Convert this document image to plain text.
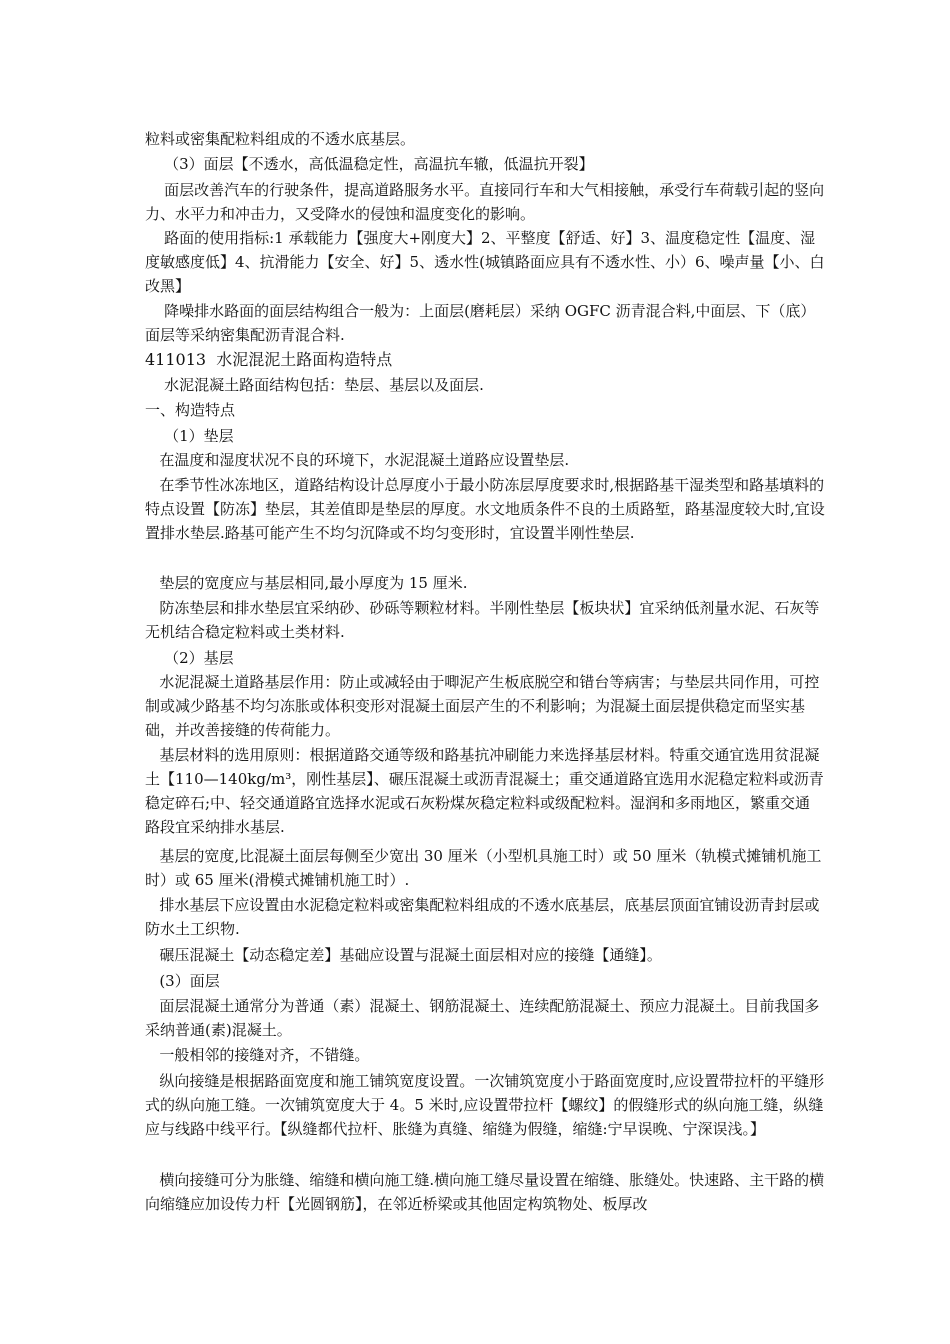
粒料或密集配粒料组成的不透水底基层。

（3）面层【不透水，高低温稳定性，高温抗车辙，低温抗开裂】

面层改善汽车的行驶条件，提高道路服务水平。直接同行车和大气相接触，承受行车荷载引起的竖向力、水平力和冲击力，又受降水的侵蚀和温度变化的影响。

路面的使用指标:1 承载能力【强度大+刚度大】2、平整度【舒适、好】3、温度稳定性【温度、湿度敏感度低】4、抗滑能力【安全、好】5、透水性(城镇路面应具有不透水性、小）6、噪声量【小、白改黑】

降噪排水路面的面层结构组合一般为：上面层(磨耗层）采纳 OGFC 沥青混合料,中面层、下（底）面层等采纳密集配沥青混合料.

411013  水泥混泥土路面构造特点

水泥混凝土路面结构包括：垫层、基层以及面层.

一、构造特点

（1）垫层

在温度和湿度状况不良的环境下，水泥混凝土道路应设置垫层.

在季节性冰冻地区，道路结构设计总厚度小于最小防冻层厚度要求时,根据路基干湿类型和路基填料的特点设置【防冻】垫层，其差值即是垫层的厚度。水文地质条件不良的土质路堑，路基湿度较大时,宜设置排水垫层.路基可能产生不均匀沉降或不均匀变形时，宜设置半刚性垫层.

垫层的宽度应与基层相同,最小厚度为 15 厘米.

防冻垫层和排水垫层宜采纳砂、砂砾等颗粒材料。半刚性垫层【板块状】宜采纳低剂量水泥、石灰等无机结合稳定粒料或土类材料.

（2）基层

水泥混凝土道路基层作用：防止或减轻由于唧泥产生板底脱空和错台等病害；与垫层共同作用，可控制或减少路基不均匀冻胀或体积变形对混凝土面层产生的不利影响；为混凝土面层提供稳定而坚实基础，并改善接缝的传荷能力。

基层材料的选用原则：根据道路交通等级和路基抗冲刷能力来选择基层材料。特重交通宜选用贫混凝土【110—140kg/m³，刚性基层】、碾压混凝土或沥青混凝土；重交通道路宜选用水泥稳定粒料或沥青稳定碎石;中、轻交通道路宜选择水泥或石灰粉煤灰稳定粒料或级配粒料。湿润和多雨地区，繁重交通路段宜采纳排水基层.

基层的宽度,比混凝土面层每侧至少宽出 30 厘米（小型机具施工时）或 50 厘米（轨模式摊铺机施工时）或 65 厘米(滑模式摊铺机施工时）.

排水基层下应设置由水泥稳定粒料或密集配粒料组成的不透水底基层，底基层顶面宜铺设沥青封层或防水土工织物.

碾压混凝土【动态稳定差】基础应设置与混凝土面层相对应的接缝【通缝】。

(3）面层

面层混凝土通常分为普通（素）混凝土、钢筋混凝土、连续配筋混凝土、预应力混凝土。目前我国多采纳普通(素)混凝土。

一般相邻的接缝对齐，不错缝。

纵向接缝是根据路面宽度和施工铺筑宽度设置。一次铺筑宽度小于路面宽度时,应设置带拉杆的平缝形式的纵向施工缝。一次铺筑宽度大于 4。5 米时,应设置带拉杆【螺纹】的假缝形式的纵向施工缝，纵缝应与线路中线平行。【纵缝都代拉杆、胀缝为真缝、缩缝为假缝，缩缝:宁早误晚、宁深误浅。】

横向接缝可分为胀缝、缩缝和横向施工缝.横向施工缝尽量设置在缩缝、胀缝处。快速路、主干路的横向缩缝应加设传力杆【光圆钢筋】，在邻近桥梁或其他固定构筑物处、板厚改
